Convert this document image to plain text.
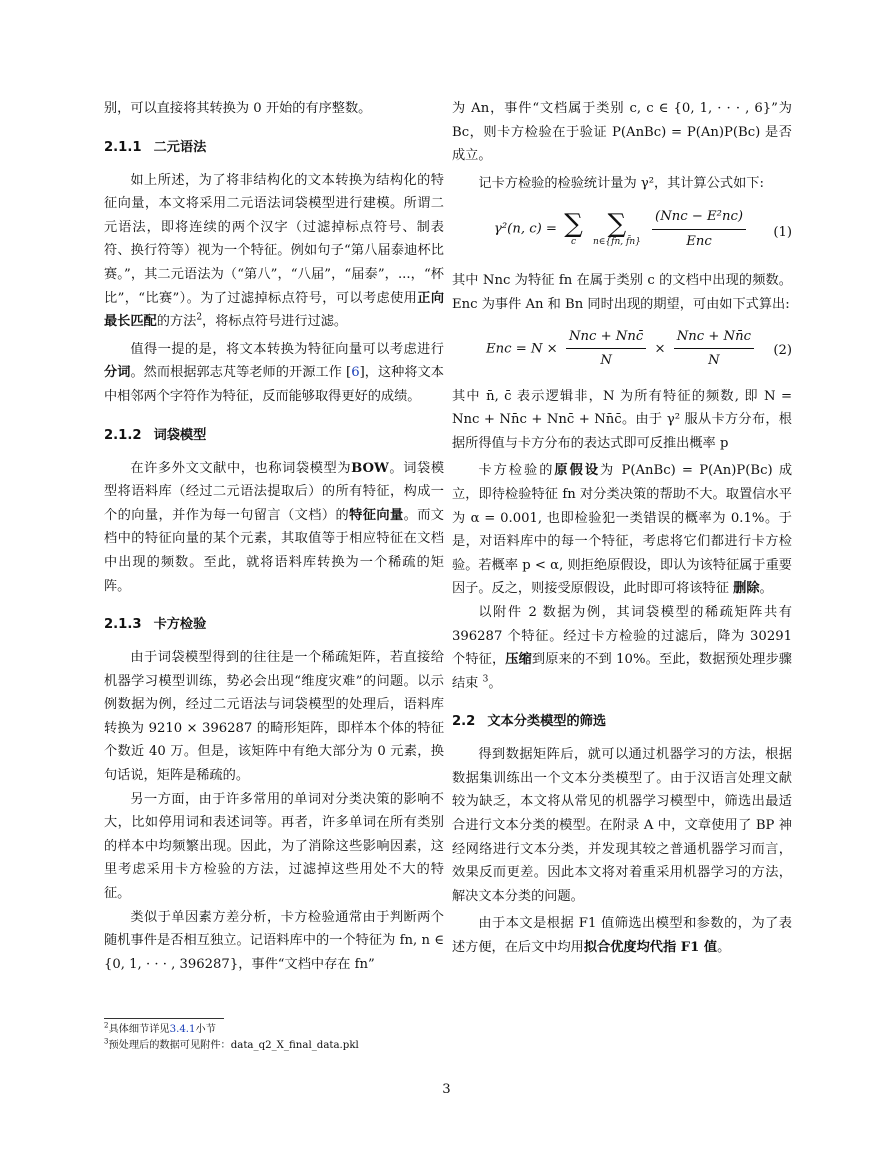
别，可以直接将其转换为 0 开始的有序整数。

2.1.1 二元语法

如上所述，为了将非结构化的文本转换为结构化的特征向量，本文将采用二元语法词袋模型进行建模。所谓二元语法，即将连续的两个汉字（过滤掉标点符号、制表符、换行符等）视为一个特征。例如句子“第八届泰迪杯比赛。”，其二元语法为（“第八”，“八届”，“届泰”，...，“杯比”，“比赛”）。为了过滤掉标点符号，可以考虑使用正向最长匹配的方法$^2$，将标点符号进行过滤。

值得一提的是，将文本转换为特征向量可以考虑进行分词。然而根据郭志芃等老师的开源工作 [6]，这种将文本中相邻两个字符作为特征，反而能够取得更好的成绩。

2.1.2 词袋模型

在许多外文文献中，也称词袋模型为BOW。词袋模型将语料库（经过二元语法提取后）的所有特征，构成一个的向量，并作为每一句留言（文档）的特征向量。而文档中的特征向量的某个元素，其取值等于相应特征在文档中出现的频数。至此，就将语料库转换为一个稀疏的矩阵。

2.1.3 卡方检验

由于词袋模型得到的往往是一个稀疏矩阵，若直接给机器学习模型训练，势必会出现“维度灾难”的问题。以示例数据为例，经过二元语法与词袋模型的处理后，语料库转换为 9210 × 396287 的畸形矩阵，即样本个体的特征个数近 40 万。但是，该矩阵中有绝大部分为 0 元素，换句话说，矩阵是稀疏的。

另一方面，由于许多常用的单词对分类决策的影响不大，比如停用词和表述词等。再者，许多单词在所有类别的样本中均频繁出现。因此，为了消除这些影响因素，这里考虑采用卡方检验的方法，过滤掉这些用处不大的特征。

类似于单因素方差分析，卡方检验通常由于判断两个随机事件是否相互独立。记语料库中的一个特征为 fn, n ∈ {0, 1, · · · , 396287}，事件“文档中存在 fn”

为 An，事件“文档属于类别 c, c ∈ {0, 1, · · · , 6}”为 Bc，则卡方检验在于验证 P(AnBc) = P(An)P(Bc) 是否成立。

记卡方检验的检验统计量为 γ²，其计算公式如下:

γ²(n, c) = ∑
c

∑
n∈{fn, f̄n}
$\frac{\text{(Nnc − E²nc)}}{\text{Enc}} (1)$

其中 Nnc 为特征 fn 在属于类别 c 的文档中出现的频数。Enc 为事件 An 和 Bn 同时出现的期望，可由如下式算出:

Enc = $N \times \frac{\text{Nnc + Nnc̄}}{N} \times \frac{\text{Nnc + Nn̄c}}{N} (2)$

其中 n̄, c̄ 表示逻辑非，N 为所有特征的频数, 即 N = Nnc + Nn̄c + Nnc̄ + Nn̄c̄。由于 γ² 服从卡方分布，根据所得值与卡方分布的表达式即可反推出概率 p

卡方检验的原假设为 P(AnBc) = P(An)P(Bc) 成立，即待检验特征 fn 对分类决策的帮助不大。取置信水平为 α = 0.001, 也即检验犯一类错误的概率为 0.1%。于是，对语料库中的每一个特征，考虑将它们都进行卡方检验。若概率 p < α, 则拒绝原假设，即认为该特征属于重要因子。反之，则接受原假设，此时即可将该特征 删除。

以附件 2 数据为例，其词袋模型的稀疏矩阵共有 396287 个特征。经过卡方检验的过滤后，降为 30291 个特征，压缩到原来的不到 10%。至此，数据预处理步骤结束 $^3$。

2.2 文本分类模型的筛选

得到数据矩阵后，就可以通过机器学习的方法，根据数据集训练出一个文本分类模型了。由于汉语言处理文献较为缺乏，本文将从常见的机器学习模型中，筛选出最适合进行文本分类的模型。在附录 A 中，文章使用了 BP 神经网络进行文本分类，并发现其较之普通机器学习而言，效果反而更差。因此本文将对着重采用机器学习的方法，解决文本分类的问题。

由于本文是根据 F1 值筛选出模型和参数的，为了表述方便，在后文中均用拟合优度均代指 F1 值。

$^2$具体细节详见3.4.1小节
$^3$预处理后的数据可见附件：data_q2_X_final_data.pkl
3
